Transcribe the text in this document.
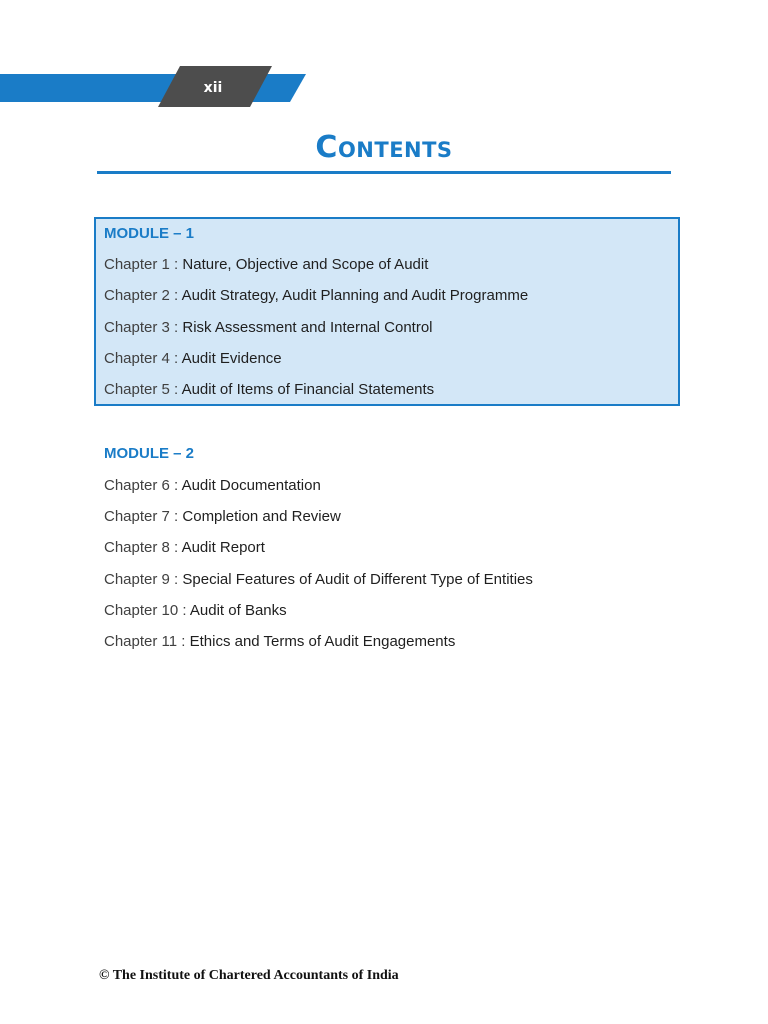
xii
Contents
MODULE – 1
Chapter 1 : Nature, Objective and Scope of Audit
Chapter 2 : Audit Strategy, Audit Planning and Audit Programme
Chapter 3 : Risk Assessment and Internal Control
Chapter 4 : Audit Evidence
Chapter 5 : Audit of Items of Financial Statements
MODULE – 2
Chapter 6 : Audit Documentation
Chapter 7 : Completion and Review
Chapter 8 : Audit Report
Chapter 9 : Special Features of Audit of Different Type of Entities
Chapter 10 : Audit of Banks
Chapter 11 : Ethics and Terms of Audit Engagements
© The Institute of Chartered Accountants of India
